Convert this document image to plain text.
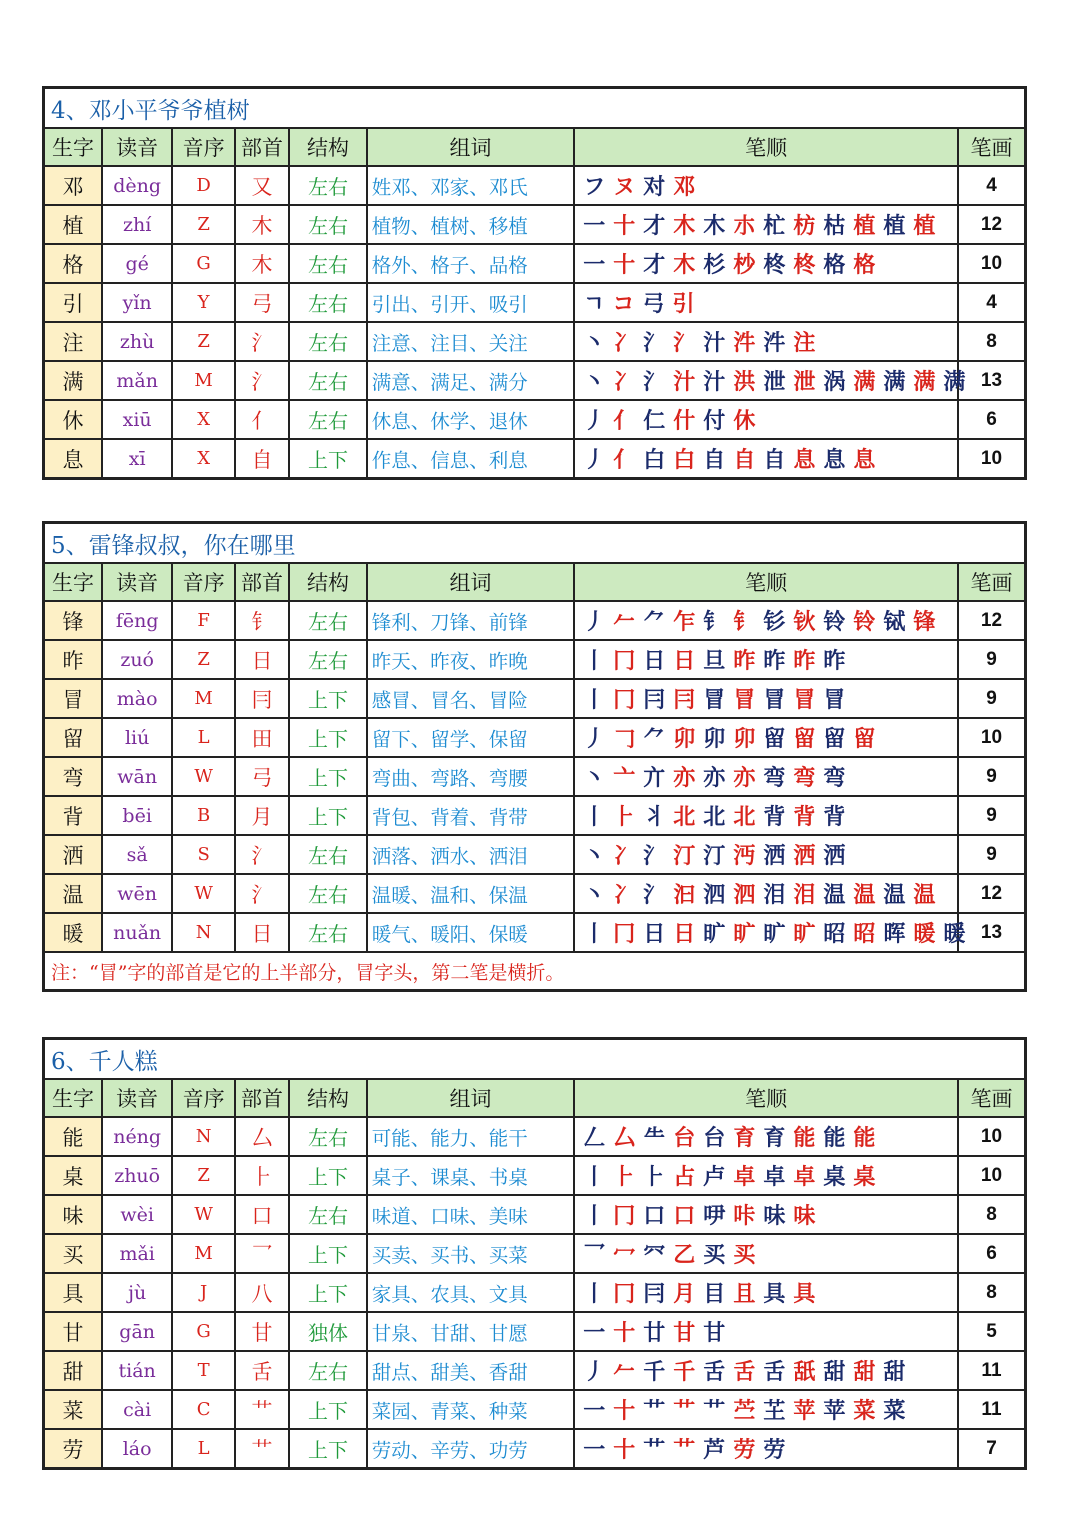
4、邓小平爷爷植树							
生字	读音	音序	部首	结构	组词	笔顺	笔画
邓	dèng	D	又	左右	姓邓、邓家、邓氏	フ ヌ 对 邓	4
植	zhí	Z	木	左右	植物、植树、移植	一 十 才 木 木 朩 杧 枋 枯 植 植 植	12
格	gé	G	木	左右	格外、格子、品格	一 十 才 木 杉 杪 柊 柊 格 格	10
引	yǐn	Y	弓	左右	引出、引开、吸引	ㄱ コ 弓 引	4
注	zhù	Z	氵	左右	注意、注目、关注	丶 冫 氵 氵 汁 汼 汼 注	8
满	mǎn	M	氵	左右	满意、满足、满分	丶 冫 氵 汁 汁 洪 泄 泄 涡 满 满 满 满	13
休	xiū	X	亻	左右	休息、休学、退休	丿 亻 仁 什 付 休	6
息	xī	X	自	上下	作息、信息、利息	丿 亻 白 白 自 自 自 息 息 息	10
5、雷锋叔叔，你在哪里							
生字	读音	音序	部首	结构	组词	笔顺	笔画
锋	fēng	F	钅	左右	锋利、刀锋、前锋	丿 𠂉 ⺈ 乍 钅 钅 钐 钬 铃 铃 铽 锋	12
昨	zuó	Z	日	左右	昨天、昨夜、昨晚	丨 冂 日 日 旦 昨 昨 昨 昨	9
冒	mào	M	冃	上下	感冒、冒名、冒险	丨 冂 冃 冃 冒 冒 冒 冒 冒	9
留	liú	L	田	上下	留下、留学、保留	丿 𠃌 ⺈ 卯 卯 卯 留 留 留 留	10
弯	wān	W	弓	上下	弯曲、弯路、弯腰	丶 亠 亣 亦 亦 亦 弯 弯 弯	9
背	bēi	B	月	上下	背包、背着、背带	丨 ⺊ 丬 北 北 北 背 背 背	9
洒	sǎ	S	氵	左右	洒落、洒水、洒泪	丶 冫 氵 汀 汀 沔 洒 洒 洒	9
温	wēn	W	氵	左右	温暖、温和、保温	丶 冫 氵 汩 泗 泗 泪 泪 温 温 温 温	12
暖	nuǎn	N	日	左右	暖气、暖阳、保暖	丨 冂 日 日 旷 旷 旷 旷 昭 昭 晖 暖 暖	13
注：“冒”字的部首是它的上半部分，冒字头，第二笔是横折。							
6、千人糕							
生字	读音	音序	部首	结构	组词	笔顺	笔画
能	néng	N	厶	左右	可能、能力、能干	𠃋 厶 ⺧ 台 台 育 育 能 能 能	10
桌	zhuō	Z	⺊	上下	桌子、课桌、书桌	丨 ⺊ ⺊ 占 卢 卓 卓 卓 桌 桌	10
味	wèi	W	口	左右	味道、口味、美味	丨 冂 口 口 吚 咔 味 味	8
买	mǎi	M	乛	上下	买卖、买书、买菜	乛 冖 㓁 乙 买 买	6
具	jù	J	八	上下	家具、农具、文具	丨 冂 冃 月 目 且 具 具	8
甘	gān	G	甘	独体	甘泉、甘甜、甘愿	一 十 廿 甘 甘	5
甜	tián	T	舌	左右	甜点、甜美、香甜	丿 𠂉 千 千 舌 舌 舌 舐 甜 甜 甜	11
菜	cài	C	艹	上下	菜园、青菜、种菜	一 十 艹 艹 艹 苎 芏 苹 苹 菜 菜	11
劳	láo	L	艹	上下	劳动、辛劳、功劳	一 十 艹 艹 芦 劳 劳	7
